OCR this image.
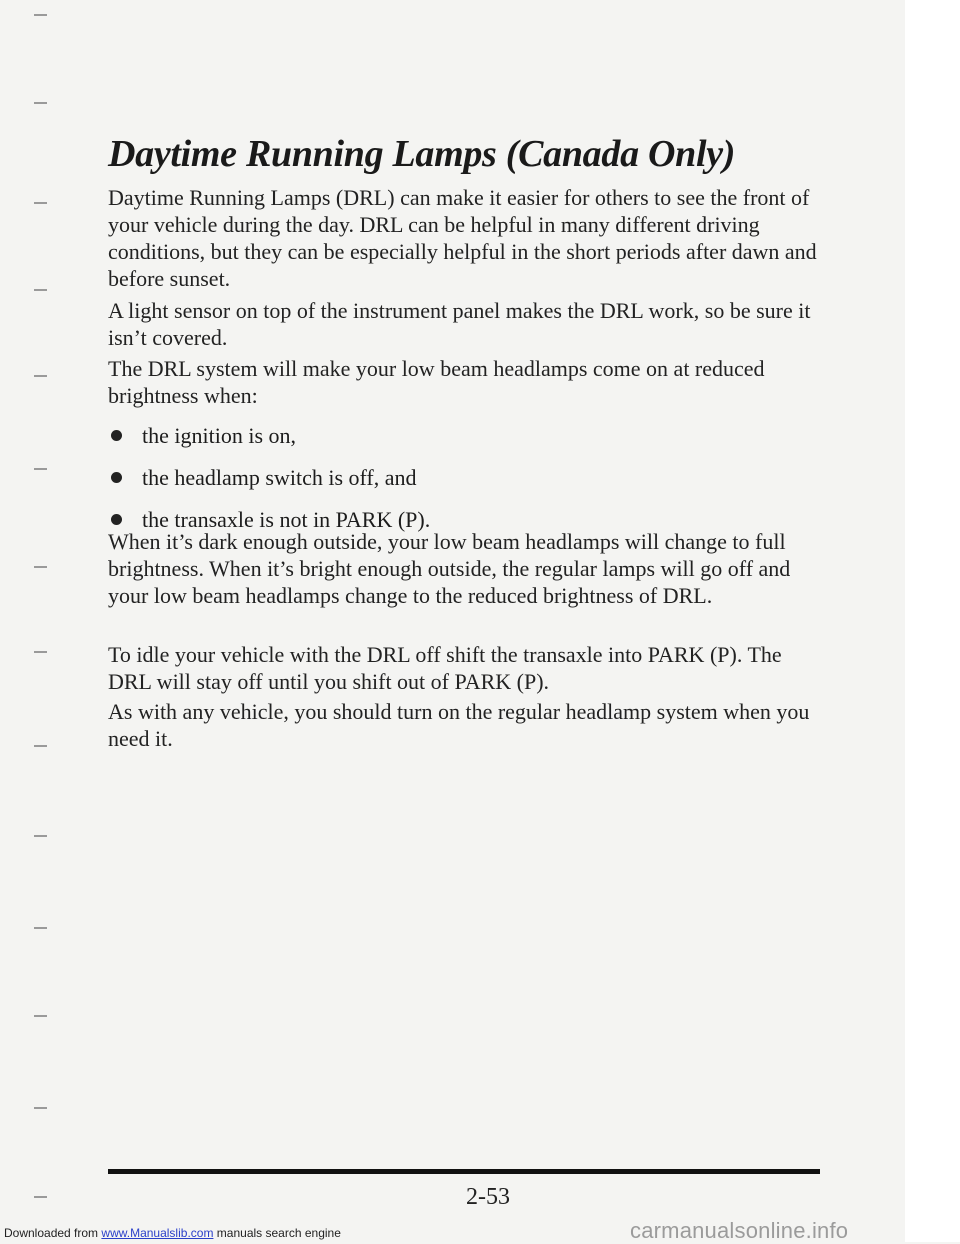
Daytime Running Lamps (Canada Only)

Daytime Running Lamps (DRL) can make it easier for others to see the front of your vehicle during the day. DRL can be helpful in many different driving conditions, but they can be especially helpful in the short periods after dawn and before sunset.

A light sensor on top of the instrument panel makes the DRL work, so be sure it isn’t covered.

The DRL system will make your low beam headlamps come on at reduced brightness when:

the ignition is on,
the headlamp switch is off, and
the transaxle is not in PARK (P).

When it’s dark enough outside, your low beam headlamps will change to full brightness. When it’s bright enough outside, the regular lamps will go off and your low beam headlamps change to the reduced brightness of DRL.

To idle your vehicle with the DRL off shift the transaxle into PARK (P). The DRL will stay off until you shift out of PARK (P).

As with any vehicle, you should turn on the regular headlamp system when you need it.

2-53
Downloaded from www.Manualslib.com manuals search engine	carmanualsonline.info
